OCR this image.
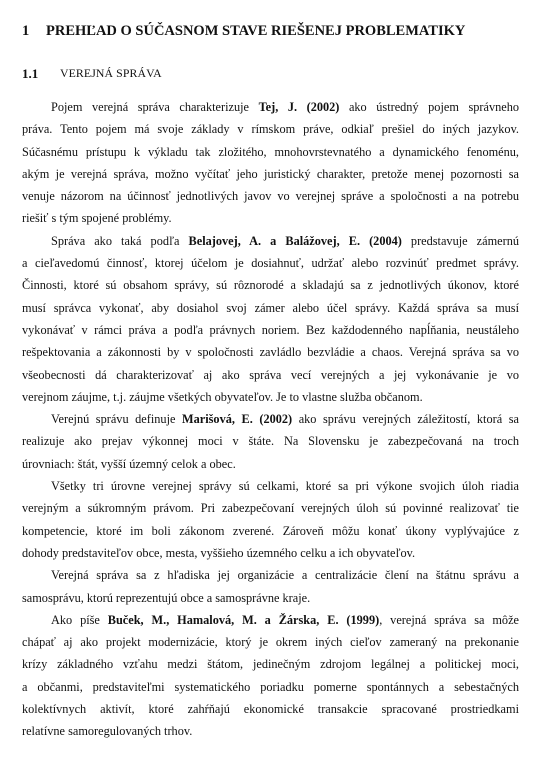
1	PREHĽAD O SÚČASNOM STAVE RIEŠENEJ PROBLEMATIKY
1.1	VEREJNÁ SPRÁVA
Pojem verejná správa charakterizuje Tej, J. (2002) ako ústredný pojem správneho
práva. Tento pojem má svoje základy v rímskom práve, odkiaľ prešiel do iných jazykov.
Súčasnému prístupu k výkladu tak zložitého, mnohovrstevnatého a dynamického fenoménu,
akým je verejná správa, možno vyčítať jeho juristický charakter, pretože menej pozornosti sa
venuje názorom na účinnosť jednotlivých javov vo verejnej správe a spoločnosti a na potrebu
riešiť s tým spojené problémy.
Správa ako taká podľa Belajovej, A. a Balážovej, E. (2004) predstavuje zámernú
a cieľavedomú činnosť, ktorej účelom je dosiahnuť, udržať alebo rozvinúť predmet správy.
Činnosti, ktoré sú obsahom správy, sú rôznorodé a skladajú sa z jednotlivých úkonov, ktoré
musí správca vykonať, aby dosiahol svoj zámer alebo účel správy. Každá správa sa musí
vykonávať v rámci práva a podľa právnych noriem. Bez každodenného napĺňania, neustáleho
rešpektovania a zákonnosti by v spoločnosti zavládlo bezvládie a chaos. Verejná správa sa vo
všeobecnosti dá charakterizovať aj ako správa vecí verejných a jej vykonávanie je vo
verejnom záujme, t.j. záujme všetkých obyvateľov. Je to vlastne služba občanom.
Verejnú správu definuje Marišová, E. (2002) ako správu verejných záležitostí, ktorá sa
realizuje ako prejav výkonnej moci v štáte. Na Slovensku je zabezpečovaná na troch
úrovniach: štát, vyšší územný celok a obec.
Všetky tri úrovne verejnej správy sú celkami, ktoré sa pri výkone svojich úloh riadia
verejným a súkromným právom. Pri zabezpečovaní verejných úloh sú povinné realizovať tie
kompetencie, ktoré im boli zákonom zverené. Zároveň môžu konať úkony vyplývajúce z
dohody predstaviteľov obce, mesta, vyššieho územného celku a ich obyvateľov.
Verejná správa sa z hľadiska jej organizácie a centralizácie člení na štátnu správu a
samosprávu, ktorú reprezentujú obce a samosprávne kraje.
Ako píše Buček, M., Hamalová, M. a Žárska, E. (1999), verejná správa sa môže
chápať aj ako projekt modernizácie, ktorý je okrem iných cieľov zameraný na prekonanie
krízy základného vzťahu medzi štátom, jedinečným zdrojom legálnej a politickej moci,
a občanmi, predstaviteľmi systematického poriadku pomerne spontánnych a sebestačných
kolektívnych aktivít, ktoré zahŕňajú ekonomické transakcie spracované prostriedkami
relatívne samoregulovaných trhov.
